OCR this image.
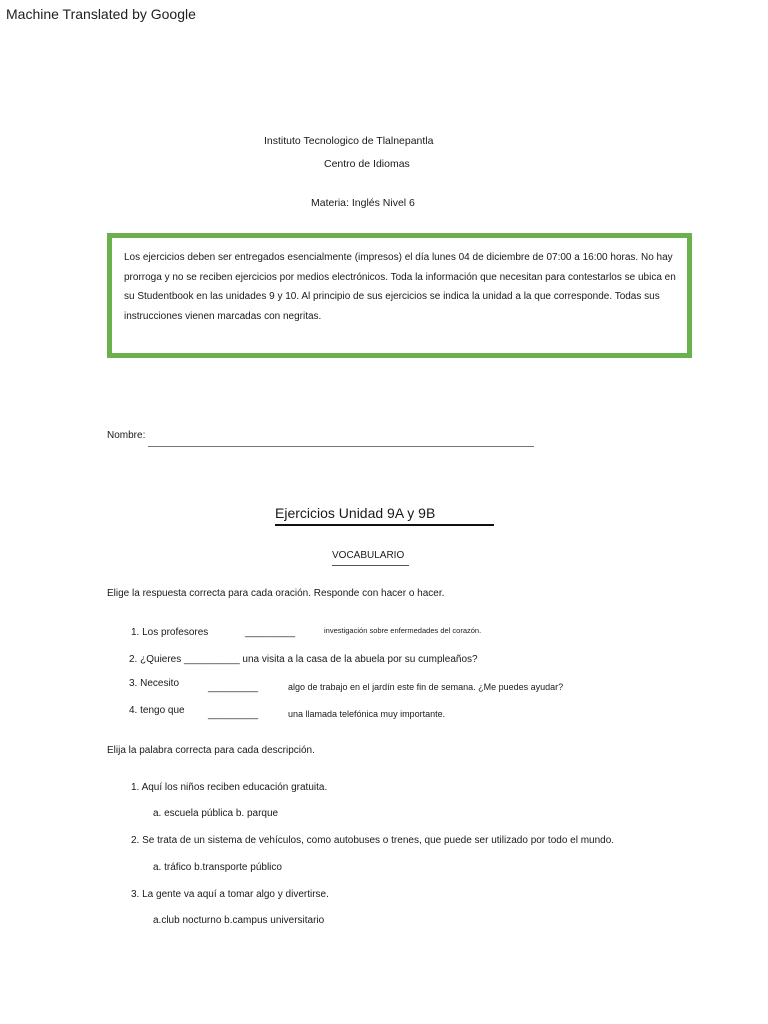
Machine Translated by Google
Instituto Tecnologico de Tlalnepantla
Centro de Idiomas
Materia: Inglés Nivel 6
Los ejercicios deben ser entregados esencialmente (impresos) el día lunes 04 de diciembre de 07:00 a 16:00 horas. No hay prorroga y no se reciben ejercicios por medios electrónicos. Toda la información que necesitan para contestarlos se ubica en su Studentbook en las unidades 9 y 10. Al principio de sus ejercicios se indica la unidad a la que corresponde. Todas sus instrucciones vienen marcadas con negritas.
Nombre:
Ejercicios Unidad 9A y 9B
VOCABULARIO
Elige la respuesta correcta para cada oración. Responde con hacer o hacer.
1. Los profesores	_________	investigación sobre enfermedades del corazón.
2. ¿Quieres __________ una visita a la casa de la abuela por su cumpleaños?
3. Necesito	_________	algo de trabajo en el jardín este fin de semana. ¿Me puedes ayudar?
4. tengo que _________	una llamada telefónica muy importante.
Elija la palabra correcta para cada descripción.
1. Aquí los niños reciben educación gratuita.
a. escuela pública b. parque
2. Se trata de un sistema de vehículos, como autobuses o trenes, que puede ser utilizado por todo el mundo.
a. tráfico b.transporte público
3. La gente va aquí a tomar algo y divertirse.
a.club nocturno b.campus universitario
